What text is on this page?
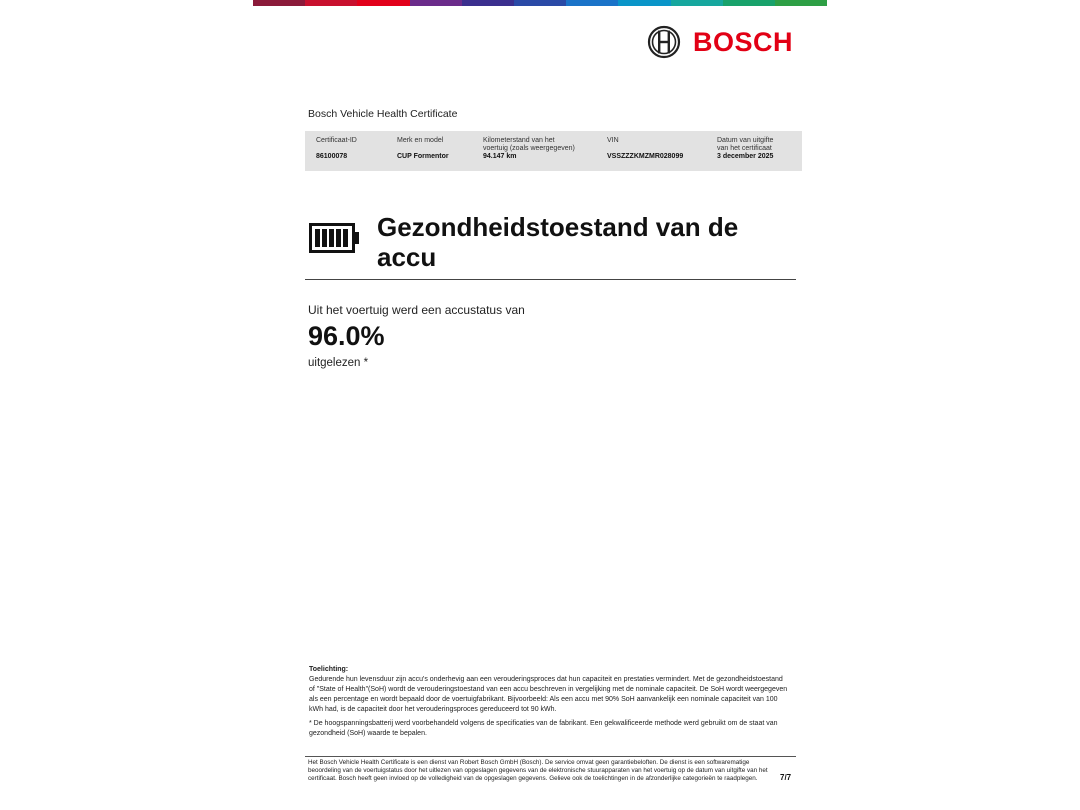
BOSCH
Bosch Vehicle Health Certificate
Certificaat-ID
86100078
Merk en model
CUP Formentor
Kilometerstand van het
voertuig (zoals weergegeven)
94.147 km
VIN
VSSZZZKMZMR028099
Datum van uitgifte
van het certificaat
3 december 2025
Gezondheidstoestand van de accu
Uit het voertuig werd een accustatus van
96.0%
uitgelezen *

Toelichting:

Gedurende hun levensduur zijn accu's onderhevig aan een verouderingsproces dat hun capaciteit en prestaties vermindert. Met de gezondheidstoestand of "State of Health"(SoH) wordt de verouderingstoestand van een accu beschreven in vergelijking met de nominale capaciteit. De SoH wordt weergegeven als een percentage en wordt bepaald door de voertuigfabrikant. Bijvoorbeeld: Als een accu met 90% SoH aanvankelijk een nominale capaciteit van 100 kWh had, is de capaciteit door het verouderingsproces gereduceerd tot 90 kWh.

* De hoogspanningsbatterij werd voorbehandeld volgens de specificaties van de fabrikant. Een gekwalificeerde methode werd gebruikt om de staat van gezondheid (SoH) waarde te bepalen.

Het Bosch Vehicle Health Certificate is een dienst van Robert Bosch GmbH (Bosch). De service omvat geen garantiebeloften. De dienst is een softwarematige beoordeling van de voertuigstatus door het uitlezen van opgeslagen gegevens van de elektronische stuurapparaten van het voertuig op de datum van uitgifte van het certificaat. Bosch heeft geen invloed op de volledigheid van de opgeslagen gegevens. Gelieve ook de toelichtingen in de afzonderlijke categorieën te raadplegen.	7/7
